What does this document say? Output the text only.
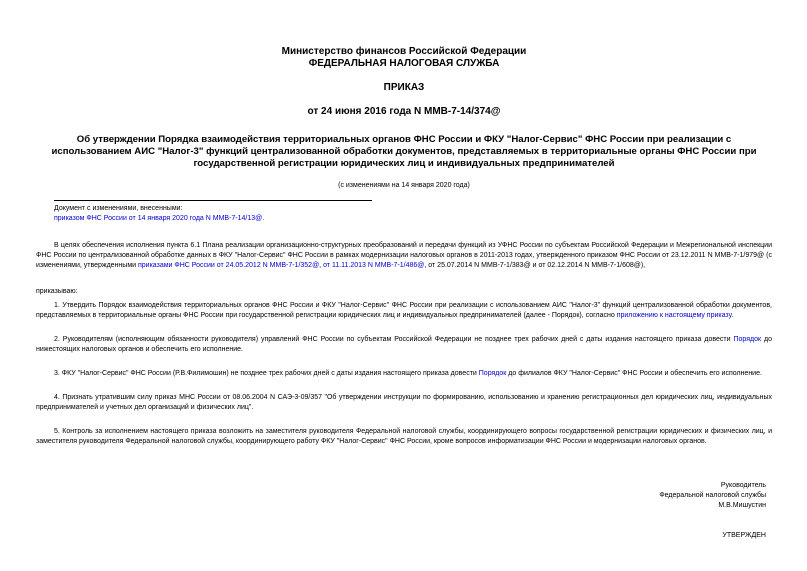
Министерство финансов Российской Федерации
ФЕДЕРАЛЬНАЯ НАЛОГОВАЯ СЛУЖБА
ПРИКАЗ
от 24 июня 2016 года N ММВ-7-14/374@
Об утверждении Порядка взаимодействия территориальных органов ФНС России и ФКУ "Налог-Сервис" ФНС России при реализации с использованием АИС "Налог-3" функций централизованной обработки документов, представляемых в территориальные органы ФНС России при государственной регистрации юридических лиц и индивидуальных предпринимателей
(с изменениями на 14 января 2020 года)
Документ с изменениями, внесенными:
приказом ФНС России от 14 января 2020 года N ММВ-7-14/13@.
В целях обеспечения исполнения пункта 6.1 Плана реализации организационно-структурных преобразований и передачи функций из УФНС России по субъектам Российской Федерации и Межрегиональной инспекции ФНС России по централизованной обработке данных в ФКУ "Налог-Сервис" ФНС России в рамках модернизации налоговых органов в 2011-2013 годах, утвержденного приказом ФНС России от 23.12.2011 N ММВ-7-1/979@ (с изменениями, утвержденными приказами ФНС России от 24.05.2012 N ММВ-7-1/352@, от 11.11.2013 N ММВ-7-1/486@, от 25.07.2014 N ММВ-7-1/383@ и от 02.12.2014 N ММВ-7-1/608@),
приказываю:
1. Утвердить Порядок взаимодействия территориальных органов ФНС России и ФКУ "Налог-Сервис" ФНС России при реализации с использованием АИС "Налог-3" функций централизованной обработки документов, представляемых в территориальные органы ФНС России при государственной регистрации юридических лиц и индивидуальных предпринимателей (далее - Порядок), согласно приложению к настоящему приказу.
2. Руководителям (исполняющим обязанности руководителя) управлений ФНС России по субъектам Российской Федерации не позднее трех рабочих дней с даты издания настоящего приказа довести Порядок до нижестоящих налоговых органов и обеспечить его исполнение.
3. ФКУ "Налог-Сервис" ФНС России (Р.В.Филимошин) не позднее трех рабочих дней с даты издания настоящего приказа довести Порядок до филиалов ФКУ "Налог-Сервис" ФНС России и обеспечить его исполнение.
4. Признать утратившим силу приказ МНС России от 08.06.2004 N САЭ-3-09/357 "Об утверждении инструкции по формированию, использованию и хранению регистрационных дел юридических лиц, индивидуальных предпринимателей и учетных дел организаций и физических лиц".
5. Контроль за исполнением настоящего приказа возложить на заместителя руководителя Федеральной налоговой службы, координирующего вопросы государственной регистрации юридических и физических лиц, и заместителя руководителя Федеральной налоговой службы, координирующего работу ФКУ "Налог-Сервис" ФНС России, кроме вопросов информатизации ФНС России и модернизации налоговых органов.
Руководитель
Федеральной налоговой службы
М.В.Мишустин
УТВЕРЖДЕН
